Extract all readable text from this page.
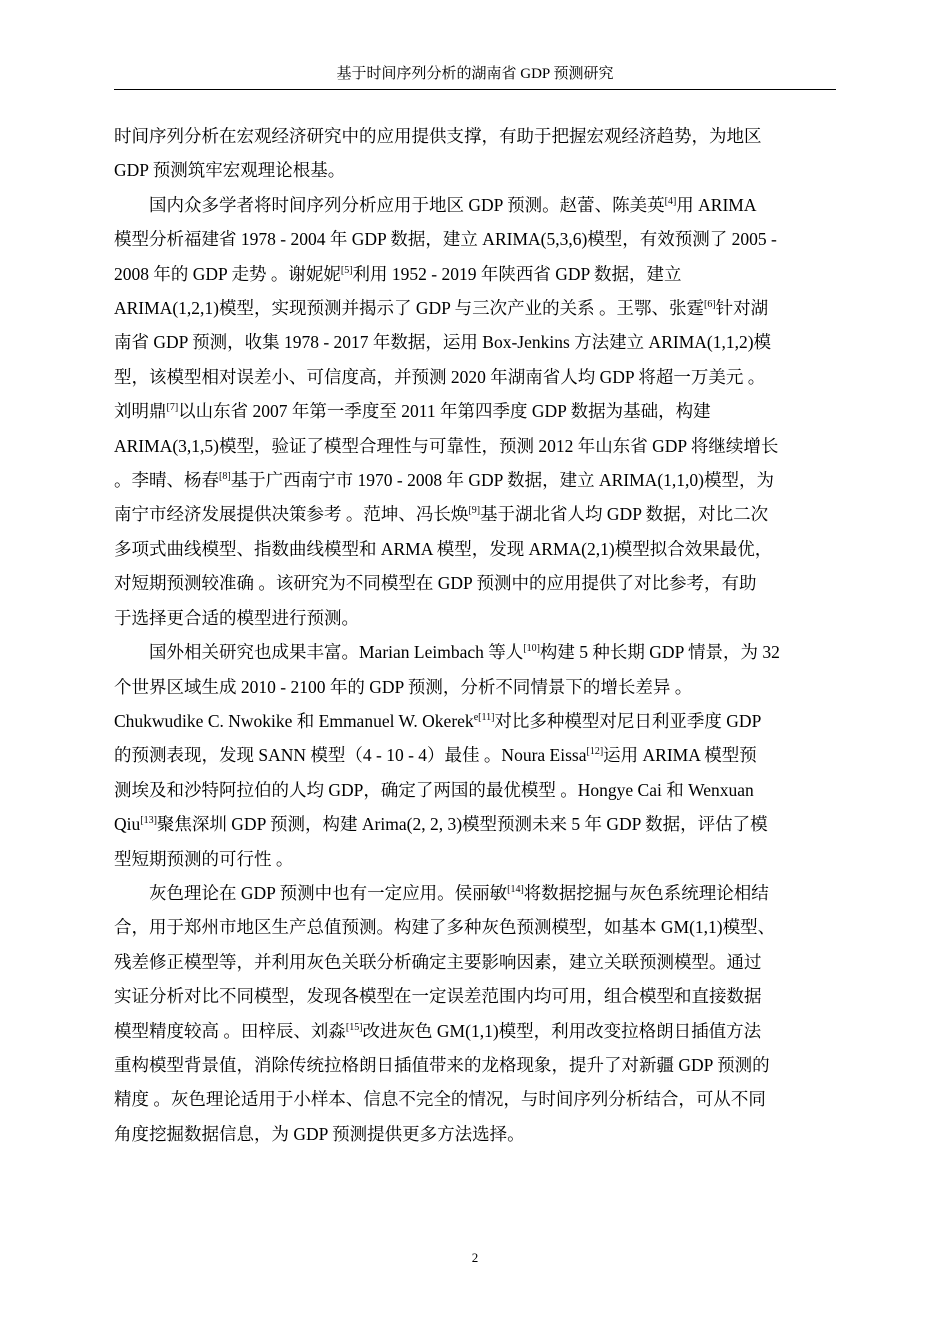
基于时间序列分析的湖南省 GDP 预测研究

时间序列分析在宏观经济研究中的应用提供支撑，有助于把握宏观经济趋势，为地区
GDP 预测筑牢宏观理论根基。

国内众多学者将时间序列分析应用于地区 GDP 预测。赵蕾、陈美英[4]用 ARIMA
模型分析福建省 1978 - 2004 年 GDP 数据，建立 ARIMA(5,3,6)模型，有效预测了 2005 -
2008 年的 GDP 走势 。谢妮妮[5]利用 1952 - 2019 年陕西省 GDP 数据，建立
ARIMA(1,2,1)模型，实现预测并揭示了 GDP 与三次产业的关系 。王鄂、张霆[6]针对湖
南省 GDP 预测，收集 1978 - 2017 年数据，运用 Box-Jenkins 方法建立 ARIMA(1,1,2)模
型，该模型相对误差小、可信度高，并预测 2020 年湖南省人均 GDP 将超一万美元 。
刘明鼎[7]以山东省 2007 年第一季度至 2011 年第四季度 GDP 数据为基础，构建
ARIMA(3,1,5)模型，验证了模型合理性与可靠性，预测 2012 年山东省 GDP 将继续增长
。李晴、杨春[8]基于广西南宁市 1970 - 2008 年 GDP 数据，建立 ARIMA(1,1,0)模型，为
南宁市经济发展提供决策参考 。范坤、冯长焕[9]基于湖北省人均 GDP 数据，对比二次
多项式曲线模型、指数曲线模型和 ARMA 模型，发现 ARMA(2,1)模型拟合效果最优，
对短期预测较准确 。该研究为不同模型在 GDP 预测中的应用提供了对比参考，有助
于选择更合适的模型进行预测。

国外相关研究也成果丰富。Marian Leimbach 等人[10]构建 5 种长期 GDP 情景，为 32
个世界区域生成 2010 - 2100 年的 GDP 预测，分析不同情景下的增长差异 。
Chukwudike C. Nwokike 和 Emmanuel W. Okerek$^{e[11]}$对比多种模型对尼日利亚季度 GDP
的预测表现，发现 SANN 模型（4 - 10 - 4）最佳 。Noura Eissa[12]运用 ARIMA 模型预
测埃及和沙特阿拉伯的人均 GDP，确定了两国的最优模型 。Hongye Cai 和 Wenxuan
Qiu[13]聚焦深圳 GDP 预测，构建 Arima(2, 2, 3)模型预测未来 5 年 GDP 数据，评估了模
型短期预测的可行性 。

灰色理论在 GDP 预测中也有一定应用。侯丽敏[14]将数据挖掘与灰色系统理论相结
合，用于郑州市地区生产总值预测。构建了多种灰色预测模型，如基本 GM(1,1)模型、
残差修正模型等，并利用灰色关联分析确定主要影响因素，建立关联预测模型。通过
实证分析对比不同模型，发现各模型在一定误差范围内均可用，组合模型和直接数据
模型精度较高 。田梓辰、刘淼[15]改进灰色 GM(1,1)模型，利用改变拉格朗日插值方法
重构模型背景值，消除传统拉格朗日插值带来的龙格现象，提升了对新疆 GDP 预测的
精度 。灰色理论适用于小样本、信息不完全的情况，与时间序列分析结合，可从不同
角度挖掘数据信息，为 GDP 预测提供更多方法选择。

2
